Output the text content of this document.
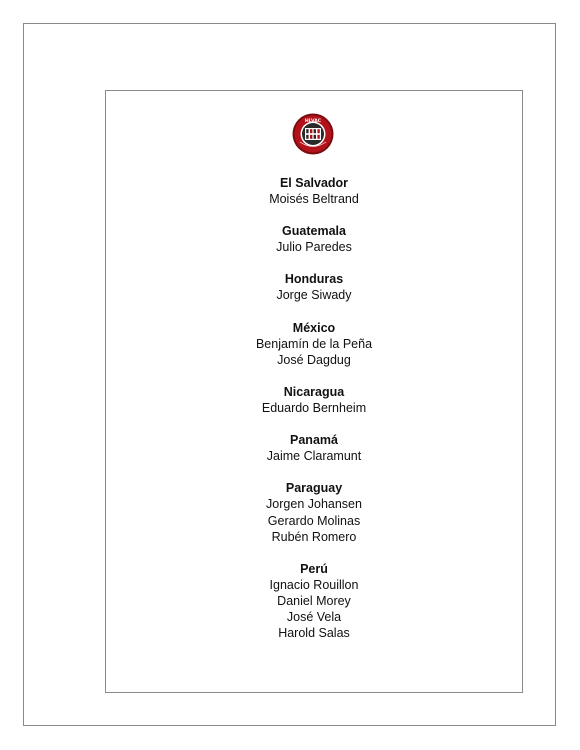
HLVAC
El Salvador
Moisés Beltrand
Guatemala
Julio Paredes
Honduras
Jorge Siwady
México
Benjamín de la Peña
José Dagdug
Nicaragua
Eduardo Bernheim
Panamá
Jaime Claramunt
Paraguay
Jorgen Johansen
Gerardo Molinas
Rubén Romero
Perú
Ignacio Rouillon
Daniel Morey
José Vela
Harold Salas
